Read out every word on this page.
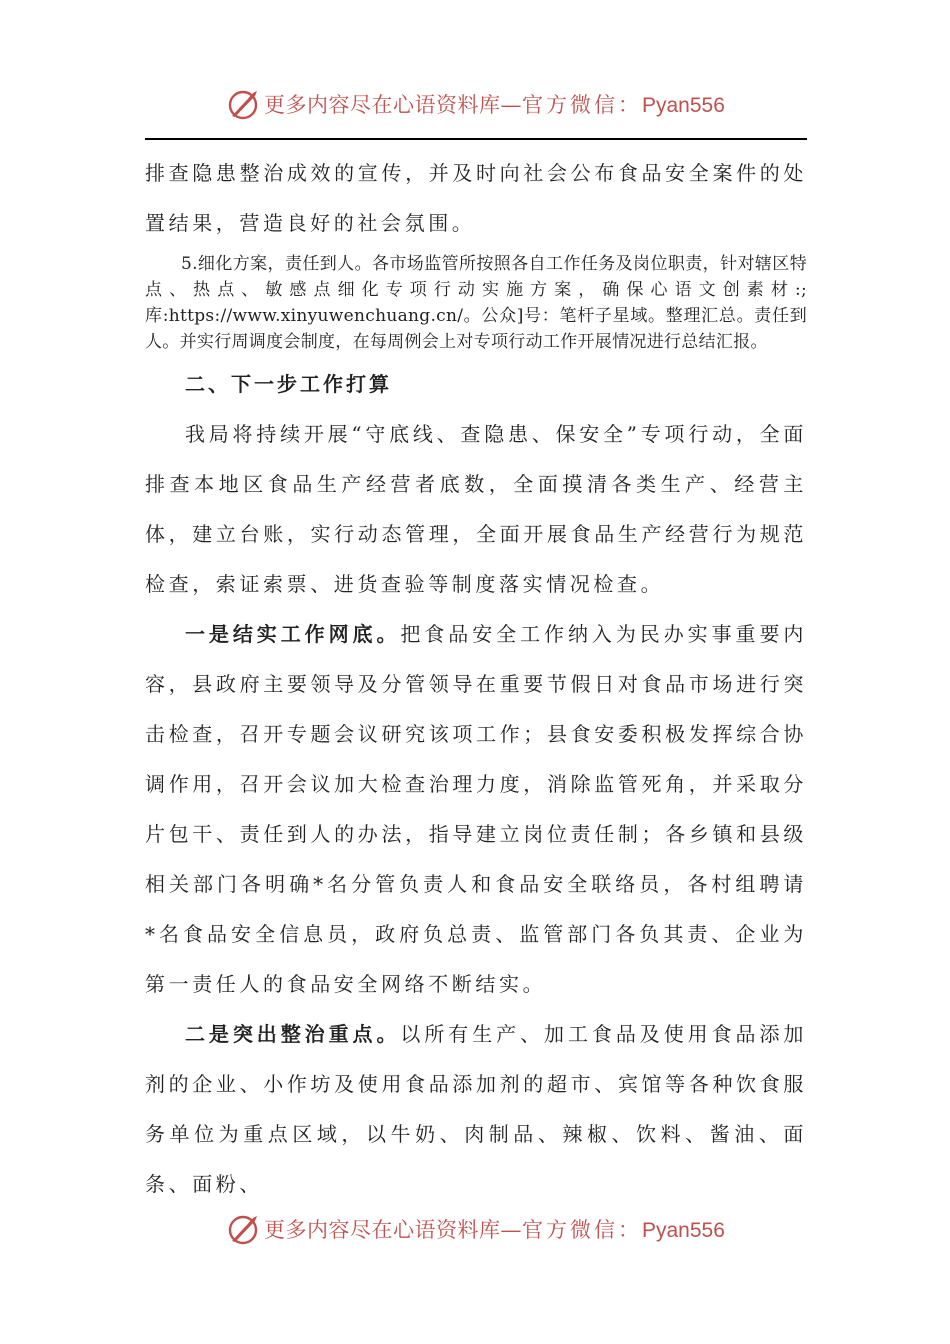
更多内容尽在心语资料库—官方微信：Pyan556

排查隐患整治成效的宣传，并及时向社会公布食品安全案件的处置结果，营造良好的社会氛围。

5.细化方案，责任到人。各市场监管所按照各自工作任务及岗位职责，针对辖区特点、热点、敏感点细化专项行动实施方案，确保心语文创素材:;库:https://www.xinyuwenchuang.cn/。公众]号：笔杆子星域。整理汇总。责任到人。并实行周调度会制度，在每周例会上对专项行动工作开展情况进行总结汇报。

二、下一步工作打算

我局将持续开展“守底线、查隐患、保安全”专项行动，全面排查本地区食品生产经营者底数，全面摸清各类生产、经营主体，建立台账，实行动态管理，全面开展食品生产经营行为规范检查，索证索票、进货查验等制度落实情况检查。

一是结实工作网底。把食品安全工作纳入为民办实事重要内容，县政府主要领导及分管领导在重要节假日对食品市场进行突击检查，召开专题会议研究该项工作；县食安委积极发挥综合协调作用，召开会议加大检查治理力度，消除监管死角，并采取分片包干、责任到人的办法，指导建立岗位责任制；各乡镇和县级相关部门各明确*名分管负责人和食品安全联络员，各村组聘请*名食品安全信息员，政府负总责、监管部门各负其责、企业为第一责任人的食品安全网络不断结实。

二是突出整治重点。以所有生产、加工食品及使用食品添加剂的企业、小作坊及使用食品添加剂的超市、宾馆等各种饮食服务单位为重点区域，以牛奶、肉制品、辣椒、饮料、酱油、面条、面粉、

更多内容尽在心语资料库—官方微信：Pyan556
